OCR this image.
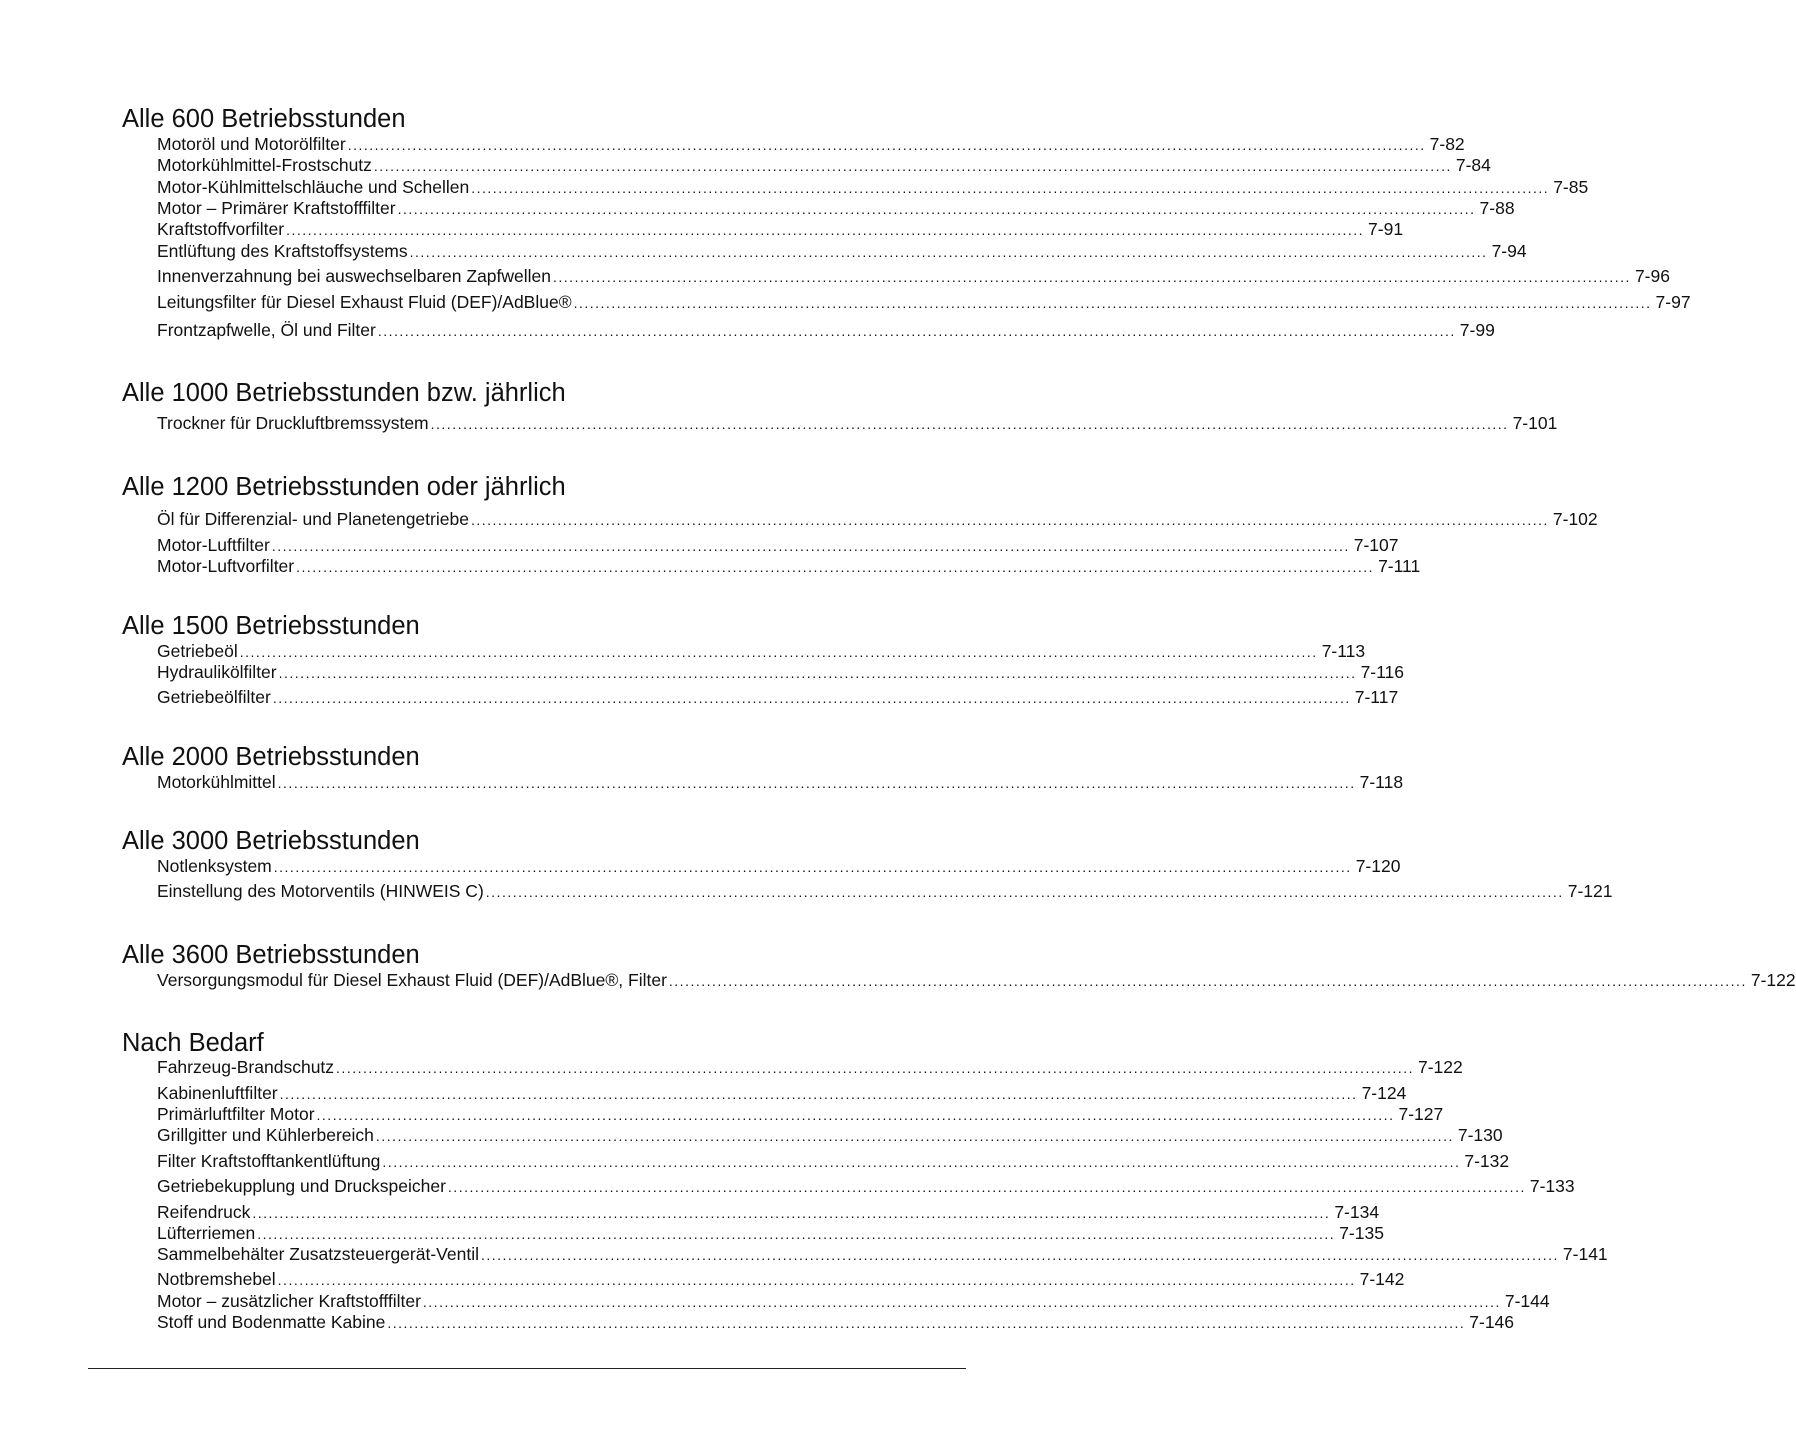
Alle 600 Betriebsstunden
Motoröl und Motorölfilter ........................................................................................................................................................................................................ 7-82
Motorkühlmittel-Frostschutz ........................................................................................................................................................................................................ 7-84
Motor-Kühlmittelschläuche und Schellen ........................................................................................................................................................................................................ 7-85
Motor – Primärer Kraftstofffilter ........................................................................................................................................................................................................ 7-88
Kraftstoffvorfilter ........................................................................................................................................................................................................ 7-91
Entlüftung des Kraftstoffsystems ........................................................................................................................................................................................................ 7-94
Innenverzahnung bei auswechselbaren Zapfwellen ........................................................................................................................................................................................................ 7-96
Leitungsfilter für Diesel Exhaust Fluid (DEF)/AdBlue® ........................................................................................................................................................................................................ 7-97
Frontzapfwelle, Öl und Filter ........................................................................................................................................................................................................ 7-99
Alle 1000 Betriebsstunden bzw. jährlich
Trockner für Druckluftbremssystem ........................................................................................................................................................................................................ 7-101
Alle 1200 Betriebsstunden oder jährlich
Öl für Differenzial- und Planetengetriebe ........................................................................................................................................................................................................ 7-102
Motor-Luftfilter ........................................................................................................................................................................................................ 7-107
Motor-Luftvorfilter ........................................................................................................................................................................................................ 7-111
Alle 1500 Betriebsstunden
Getriebeöl ........................................................................................................................................................................................................ 7-113
Hydraulikölfilter ........................................................................................................................................................................................................ 7-116
Getriebeölfilter ........................................................................................................................................................................................................ 7-117
Alle 2000 Betriebsstunden
Motorkühlmittel ........................................................................................................................................................................................................ 7-118
Alle 3000 Betriebsstunden
Notlenksystem ........................................................................................................................................................................................................ 7-120
Einstellung des Motorventils (HINWEIS C) ........................................................................................................................................................................................................ 7-121
Alle 3600 Betriebsstunden
Versorgungsmodul für Diesel Exhaust Fluid (DEF)/AdBlue®, Filter ........................................................................................................................................................................................................ 7-122
Nach Bedarf
Fahrzeug-Brandschutz ........................................................................................................................................................................................................ 7-122
Kabinenluftfilter ........................................................................................................................................................................................................ 7-124
Primärluftfilter Motor ........................................................................................................................................................................................................ 7-127
Grillgitter und Kühlerbereich ........................................................................................................................................................................................................ 7-130
Filter Kraftstofftankentlüftung ........................................................................................................................................................................................................ 7-132
Getriebekupplung und Druckspeicher ........................................................................................................................................................................................................ 7-133
Reifendruck ........................................................................................................................................................................................................ 7-134
Lüfterriemen ........................................................................................................................................................................................................ 7-135
Sammelbehälter Zusatzsteuergerät-Ventil ........................................................................................................................................................................................................ 7-141
Notbremshebel ........................................................................................................................................................................................................ 7-142
Motor – zusätzlicher Kraftstofffilter ........................................................................................................................................................................................................ 7-144
Stoff und Bodenmatte Kabine ........................................................................................................................................................................................................ 7-146
